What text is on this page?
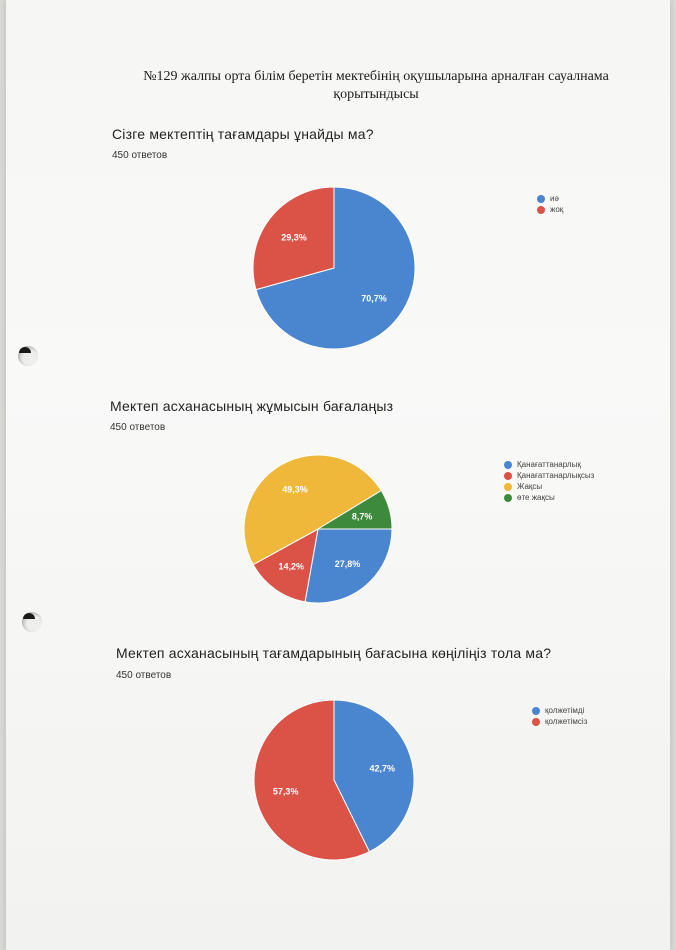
№129 жалпы орта білім беретін мектебінің оқушыларына арналған сауалнама
қорытындысы
Сізге мектептің тағамдары ұнайды ма?
450 ответов
70,7%
29,3%
иә
жоқ
Мектеп асханасының жұмысын бағалаңыз
450 ответов
27,8%
14,2%
49,3%
8,7%
Қанағаттанарлық
Қанағаттанарлықсыз
Жақсы
өте жақсы
Мектеп асханасының тағамдарының бағасына көңіліңіз тола ма?
450 ответов
42,7%
57,3%
қолжетімді
қолжетімсіз
